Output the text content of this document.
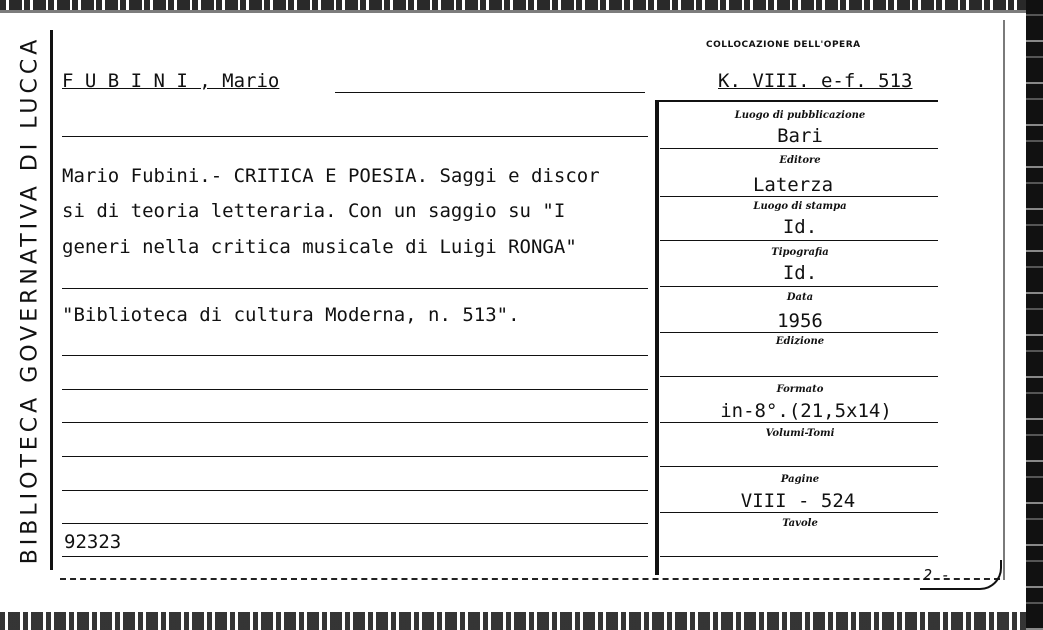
BIBLIOTECA GOVERNATIVA DI LUCCA	COLLOCAZIONE DELL'OPERA
F U B I N I , Mario	K. VIII. e-f. 513
Mario Fubini.- CRITICA E POESIA. Saggi e discor
si di teoria letteraria. Con un saggio su "I
generi nella critica musicale di Luigi RONGA"
"Biblioteca di cultura Moderna, n. 513".
92323
Luogo di pubblicazione
Bari
Editore
Laterza
Luogo di stampa
Id.
Tipografia
Id.
Data
1956
Edizione
Formato
in-8°.(21,5x14)
Volumi-Tomi
Pagine
VIII - 524
Tavole
2 -
